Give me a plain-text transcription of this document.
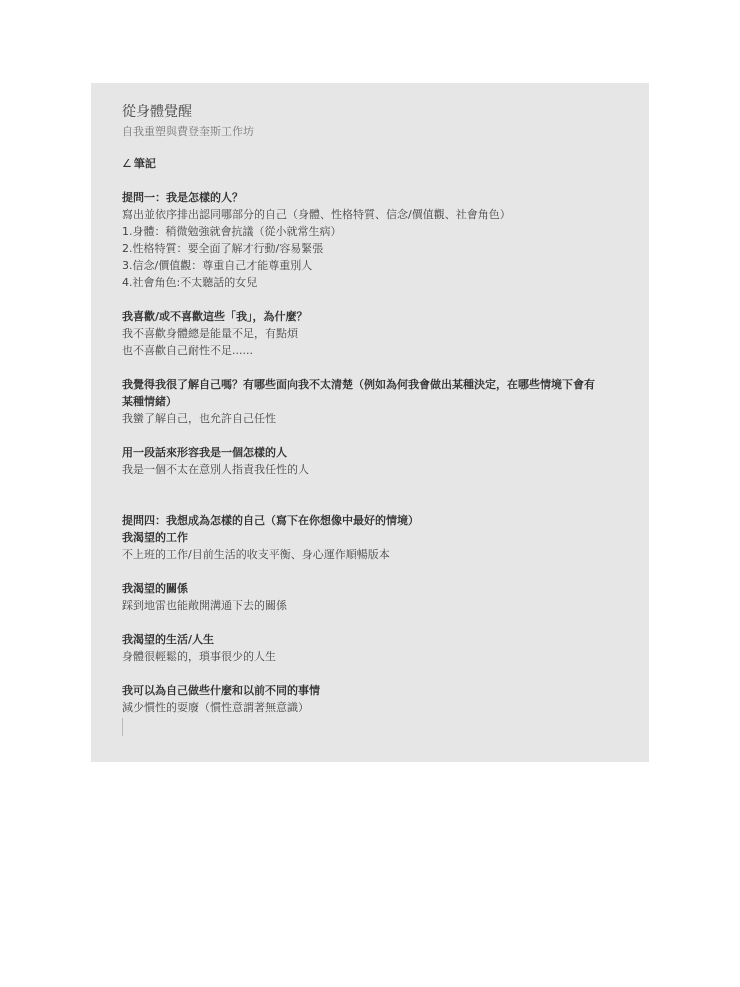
從身體覺醒
自我重塑與費登奎斯工作坊
∠ 筆記
提問一：我是怎樣的人？
寫出並依序排出認同哪部分的自己（身體、性格特質、信念/價值觀、社會角色）
1.身體：稍微勉強就會抗議（從小就常生病）
2.性格特質：要全面了解才行動/容易緊張
3.信念/價值觀：尊重自己才能尊重別人
4.社會角色:不太聽話的女兒
我喜歡/或不喜歡這些「我」，為什麼？
我不喜歡身體總是能量不足，有點煩
也不喜歡自己耐性不足......
我覺得我很了解自己嗎？有哪些面向我不太清楚（例如為何我會做出某種決定，在哪些情境下會有某種情緒）
我蠻了解自己，也允許自己任性
用一段話來形容我是一個怎樣的人
我是一個不太在意別人指責我任性的人
提問四：我想成為怎樣的自己（寫下在你想像中最好的情境）
我渴望的工作
不上班的工作/目前生活的收支平衡、身心運作順暢版本
我渴望的關係
踩到地雷也能敞開溝通下去的關係
我渴望的生活/人生
身體很輕鬆的，瑣事很少的人生
我可以為自己做些什麼和以前不同的事情
減少慣性的耍廢（慣性意謂著無意識）
